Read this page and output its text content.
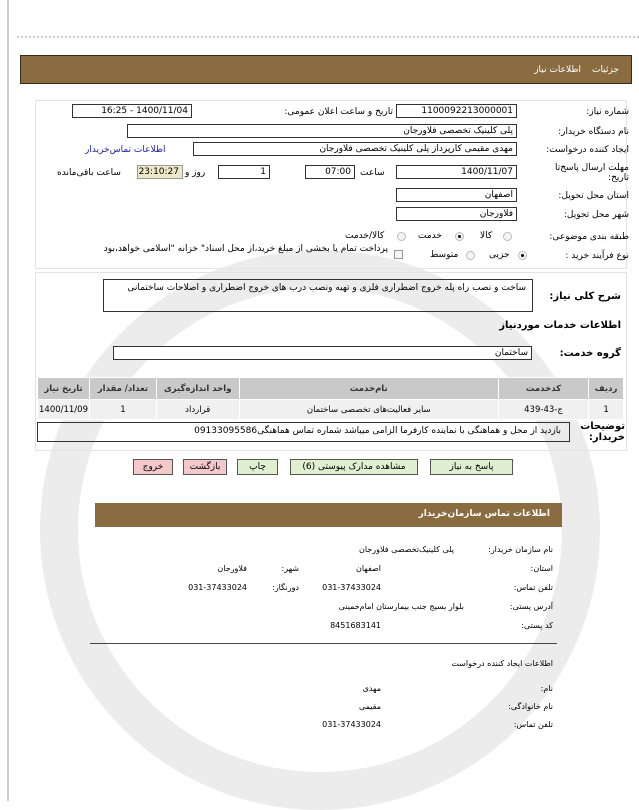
جزئیات
اطلاعات نیاز
شماره نیاز:
1100092213000001
تاریخ و ساعت اعلان عمومی:
1400/11/04 - 16:25
نام دستگاه خریدار:
پلی کلینیک تخصصی فلاورجان
ایجاد کننده درخواست:
مهدی مقیمی کارپرداز پلی کلینیک تخصصی فلاورجان
اطلاعات تماس‌خریدار
مهلت ارسال پاسخ‌تا تاریخ:
1400/11/07
ساعت
07:00
1
روز و
23:10:27
ساعت باقی‌مانده
استان محل تحویل:
اصفهان
شهر محل تحویل:
فلاورجان
طبقه بندی موضوعی:
کالا
خدمت
کالا/خدمت
نوع فرآیند خرید :
جزیی
متوسط
پرداخت تمام یا بخشی از مبلغ خرید،از محل اسناد" خزانه "اسلامی خواهد،بود
شرح کلی نیاز:
ساخت و نصب راه پله خروج اضطراری فلزی و تهیه ونصب درب های خروج اضطراری و اصلاحات ساختمانی
اطلاعات خدمات موردنیاز
گروه خدمت:
ساختمان
ردیف	کدخدمت	نام‌خدمت	واحد اندازه‌گیری	تعداد/ مقدار	تاریخ نیاز
1	ج-43-439	سایر فعالیت‌های تخصصی ساختمان	قرارداد	1	1400/11/09
توضیحات خریدار:
بازدید از محل و هماهنگی با نماینده کارفرما الزامی میباشد شماره تماس هماهنگی09133095586
پاسخ به نیاز
مشاهده مدارک پیوستی (6)
چاپ
بازگشت
خروج
اطلاعات تماس سازمان‌خریدار
نام سازمان خریدار:
پلی کلینیک‌تخصصی فلاورجان
استان:
اصفهان
شهر:
فلاورجان
تلفن تماس:
031-37433024
دورنگار:
031-37433024
آدرس پستی:
بلوار بسیج جنب بیمارستان امام‌خمینی
کد پستی:
8451683141
اطلاعات ایجاد کننده درخواست
نام:
مهدی
نام خانوادگی:
مقیمی
تلفن تماس:
031-37433024
